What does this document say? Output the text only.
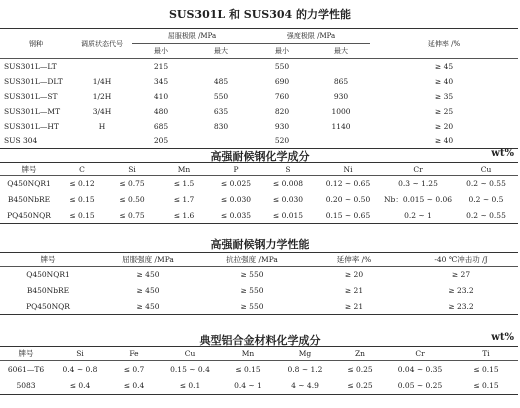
SUS301L 和 SUS304 的力学性能
钢种	调质状态代号	屈服极限 /MPa		强度极限 /MPa		延伸率 /%
		最小	最大	最小	最大	
SUS301L—LT		215		550		≥ 45
SUS301L—DLT	1/4H	345	485	690	865	≥ 40
SUS301L—ST	1/2H	410	550	760	930	≥ 35
SUS301L—MT	3/4H	480	635	820	1000	≥ 25
SUS301L—HT	H	685	830	930	1140	≥ 20
SUS 304		205		520		≥ 40
高强耐候钢化学成分	wt%
牌号	C	Si	Mn	P	S	Ni	Cr	Cu
Q450NQR1	≤ 0.12	≤ 0.75	≤ 1.5	≤ 0.025	≤ 0.008	0.12 ~ 0.65	0.3 ~ 1.25	0.2 ~ 0.55
B450NbRE	≤ 0.15	≤ 0.50	≤ 1.7	≤ 0.030	≤ 0.030	0.20 ~ 0.50	Nb：0.015 ~ 0.06	0.2 ~ 0.5
PQ450NQR	≤ 0.15	≤ 0.75	≤ 1.6	≤ 0.035	≤ 0.015	0.15 ~ 0.65	0.2 ~ 1	0.2 ~ 0.55
高强耐候钢力学性能
牌号	屈服强度 /MPa	抗拉强度 /MPa	延伸率 /%	-40 ℃冲击功 /J
Q450NQR1	≥ 450	≥ 550	≥ 20	≥ 27
B450NbRE	≥ 450	≥ 550	≥ 21	≥ 23.2
PQ450NQR	≥ 450	≥ 550	≥ 21	≥ 23.2
典型铝合金材料化学成分	wt%
牌号	Si	Fe	Cu	Mn	Mg	Zn	Cr	Ti
6061—T6	0.4 ~ 0.8	≤ 0.7	0.15 ~ 0.4	≤ 0.15	0.8 ~ 1.2	≤ 0.25	0.04 ~ 0.35	≤ 0.15
5083	≤ 0.4	≤ 0.4	≤ 0.1	0.4 ~ 1	4 ~ 4.9	≤ 0.25	0.05 ~ 0.25	≤ 0.15
